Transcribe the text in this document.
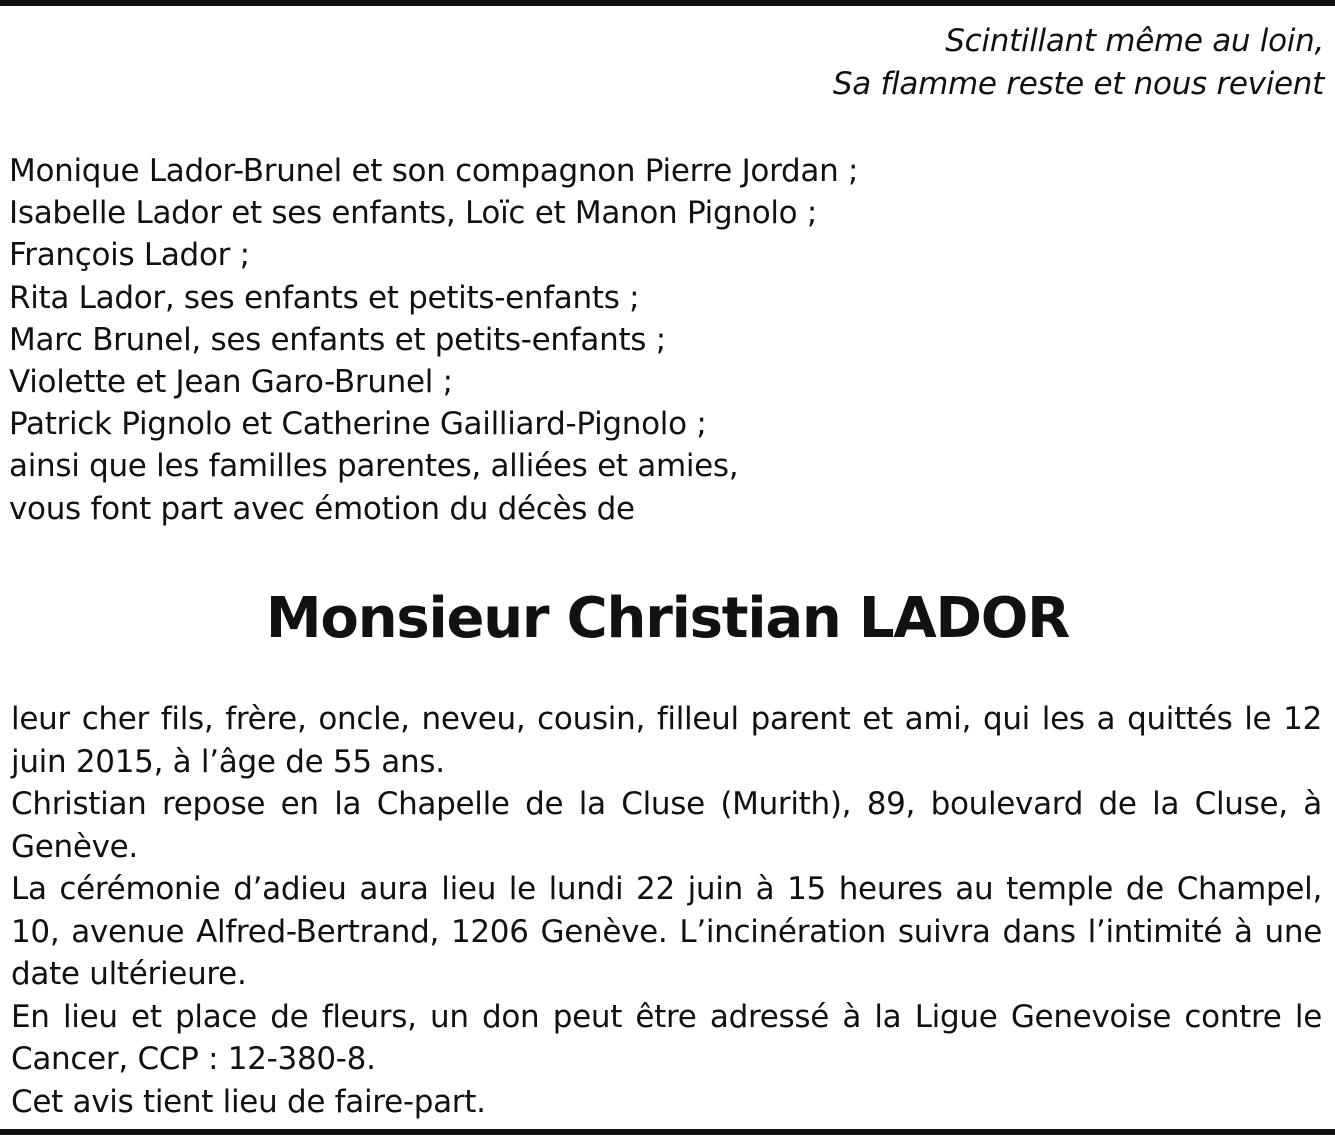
Scintillant même au loin,
Sa flamme reste et nous revient
Monique Lador-Brunel et son compagnon Pierre Jordan ;
Isabelle Lador et ses enfants, Loïc et Manon Pignolo ;
François Lador ;
Rita Lador, ses enfants et petits-enfants ;
Marc Brunel, ses enfants et petits-enfants ;
Violette et Jean Garo-Brunel ;
Patrick Pignolo et Catherine Gailliard-Pignolo ;
ainsi que les familles parentes, alliées et amies,
vous font part avec émotion du décès de
Monsieur Christian LADOR

leur cher fils, frère, oncle, neveu, cousin, filleul parent et ami, qui les a quittés le 12 juin 2015, à l’âge de 55 ans.

Christian repose en la Chapelle de la Cluse (Murith), 89, boulevard de la Cluse, à Genève.

La cérémonie d’adieu aura lieu le lundi 22 juin à 15 heures au temple de Champel, 10, avenue Alfred-Bertrand, 1206 Genève. L’incinération suivra dans l’intimité à une date ultérieure.

En lieu et place de fleurs, un don peut être adressé à la Ligue Genevoise contre le Cancer, CCP : 12-380-8.

Cet avis tient lieu de faire-part.
